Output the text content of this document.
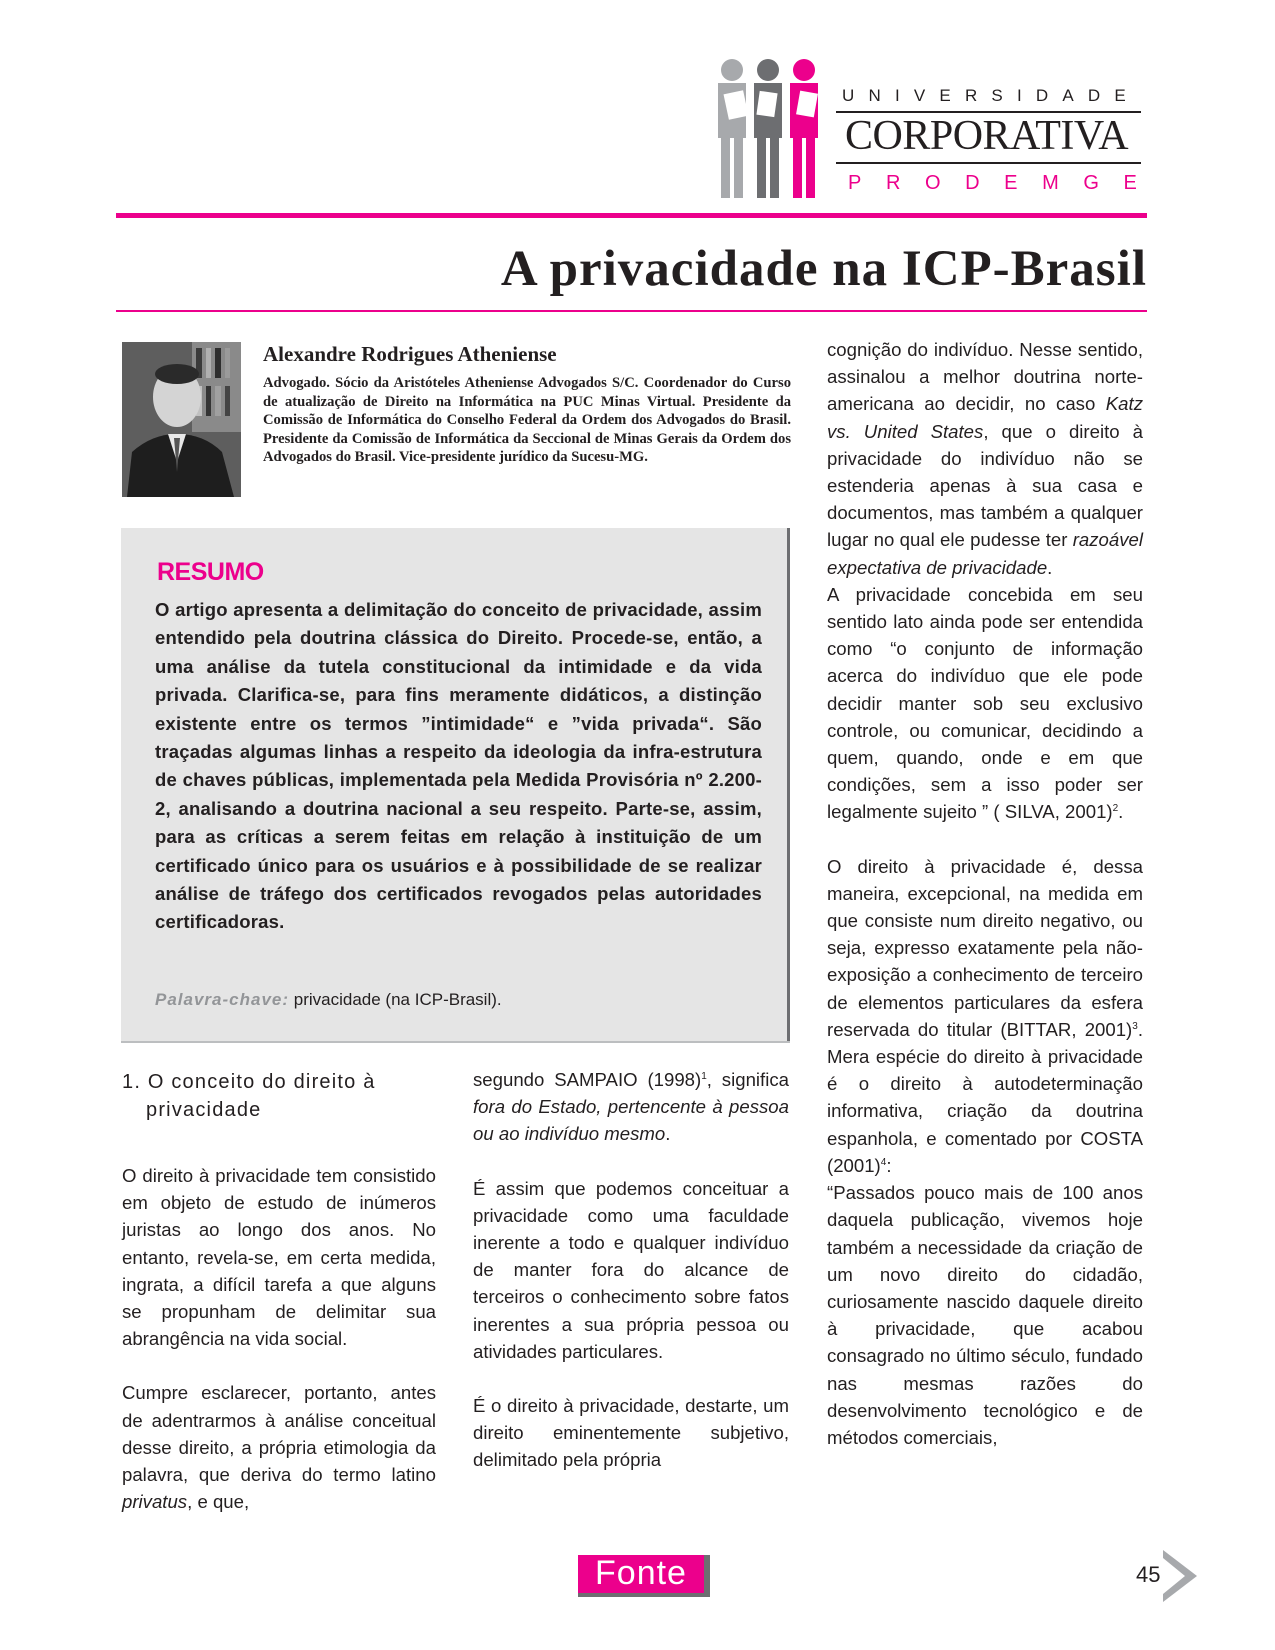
UNIVERSIDADE
CORPORATIVA
PRODEMGE
A privacidade na ICP-Brasil
Alexandre Rodrigues Atheniense
Advogado. Sócio da Aristóteles Atheniense Advogados S/C. Coordenador do Curso de atualização de Direito na Informática na PUC Minas Virtual. Presidente da Comissão de Informática do Conselho Federal da Ordem dos Advogados do Brasil. Presidente da Comissão de Informática da Seccional de Minas Gerais da Ordem dos Advogados do Brasil. Vice-presidente jurídico da Sucesu-MG.
RESUMO
O artigo apresenta a delimitação do conceito de privacidade, assim entendido pela doutrina clássica do Direito. Procede-se, então, a uma análise da tutela constitucional da intimidade e da vida privada. Clarifica-se, para fins meramente didáticos, a distinção existente entre os termos ”intimidade“ e ”vida privada“. São traçadas algumas linhas a respeito da ideologia da infra-estrutura de chaves públicas, implementada pela Medida Provisória nº 2.200-2, analisando a doutrina nacional a seu respeito. Parte-se, assim, para as críticas a serem feitas em relação à instituição de um certificado único para os usuários e à possibilidade de se realizar análise de tráfego dos certificados revogados pelas autoridades certificadoras.
Palavra-chave: privacidade (na ICP-Brasil).
1. O conceito do direito à
privacidade

O direito à privacidade tem consistido em objeto de estudo de inúmeros juristas ao longo dos anos. No entanto, revela-se, em certa medida, ingrata, a difícil tarefa a que alguns se propunham de delimitar sua abrangência na vida social.

Cumpre esclarecer, portanto, antes de adentrarmos à análise conceitual desse direito, a própria etimologia da palavra, que deriva do termo latino privatus, e que,

segundo SAMPAIO $(1998)^1$, significa fora do Estado, pertencente à pessoa ou ao indivíduo mesmo.

É assim que podemos conceituar a privacidade como uma faculdade inerente a todo e qualquer indivíduo de manter fora do alcance de terceiros o conhecimento sobre fatos inerentes a sua própria pessoa ou atividades particulares.

É o direito à privacidade, destarte, um direito eminentemente subjetivo, delimitado pela própria

cognição do indivíduo. Nesse sentido, assinalou a melhor doutrina norte-americana ao decidir, no caso Katz vs. United States, que o direito à privacidade do indivíduo não se estenderia apenas à sua casa e documentos, mas também a qualquer lugar no qual ele pudesse ter razoável expectativa de privacidade.

A privacidade concebida em seu sentido lato ainda pode ser entendida como “o conjunto de informação acerca do indivíduo que ele pode decidir manter sob seu exclusivo controle, ou comunicar, decidindo a quem, quando, onde e em que condições, sem a isso poder ser legalmente sujeito ” ( SILVA, 2001)$^2$.

O direito à privacidade é, dessa maneira, excepcional, na medida em que consiste num direito negativo, ou seja, expresso exatamente pela não-exposição a conhecimento de terceiro de elementos particulares da esfera reservada do titular (BITTAR, 2001)$^3$. Mera espécie do direito à privacidade é o direito à autodeterminação informativa, criação da doutrina espanhola, e comentado por COSTA $(2001)^4$:

“Passados pouco mais de 100 anos daquela publicação, vivemos hoje também a necessidade da criação de um novo direito do cidadão, curiosamente nascido daquele direito à privacidade, que acabou consagrado no último século, fundado nas mesmas razões do desenvolvimento tecnológico e de métodos comerciais,

Fonte	45
